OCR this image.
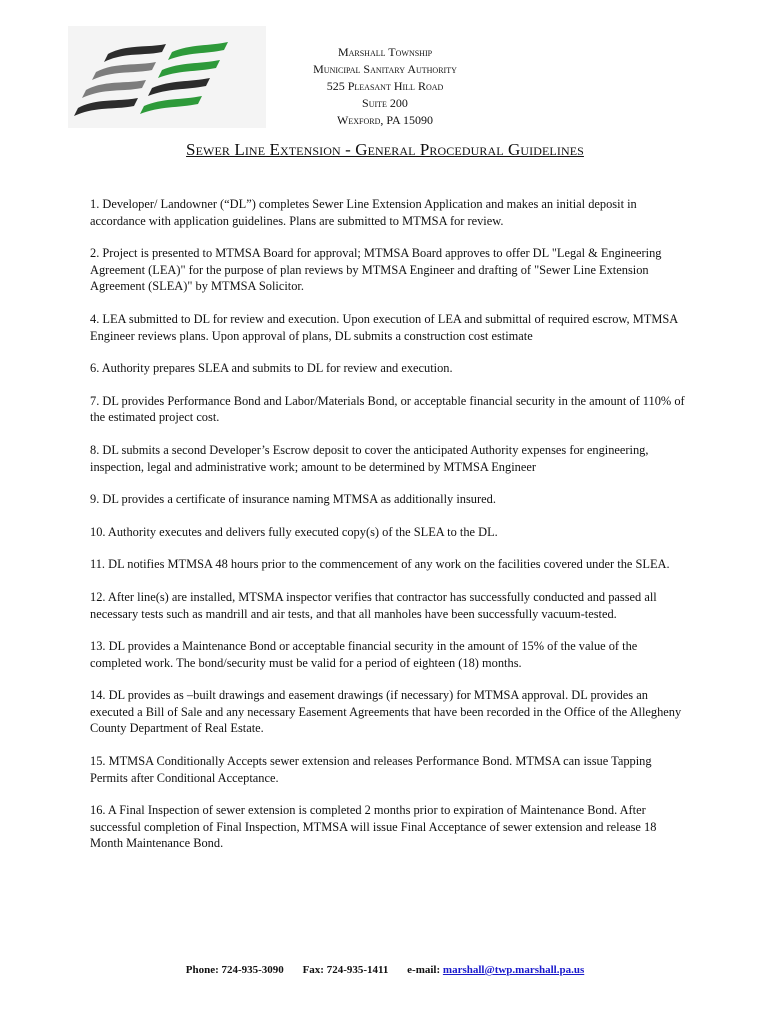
Marshall Township
Municipal Sanitary Authority
525 Pleasant Hill Road
Suite 200
Wexford, PA 15090
Sewer Line Extension - General Procedural Guidelines

1. Developer/ Landowner (“DL”) completes Sewer Line Extension Application and makes an initial deposit in accordance with application guidelines. Plans are submitted to MTMSA for review.

2. Project is presented to MTMSA Board for approval; MTMSA Board approves to offer DL "Legal & Engineering Agreement (LEA)" for the purpose of plan reviews by MTMSA Engineer and drafting of "Sewer Line Extension Agreement (SLEA)" by MTMSA Solicitor.

4. LEA submitted to DL for review and execution. Upon execution of LEA and submittal of required escrow, MTMSA Engineer reviews plans. Upon approval of plans, DL submits a construction cost estimate

6. Authority prepares SLEA and submits to DL for review and execution.

7. DL provides Performance Bond and Labor/Materials Bond, or acceptable financial security in the amount of 110% of the estimated project cost.

8. DL submits a second Developer’s Escrow deposit to cover the anticipated Authority expenses for engineering, inspection, legal and administrative work; amount to be determined by MTMSA Engineer

9. DL provides a certificate of insurance naming MTMSA as additionally insured.

10. Authority executes and delivers fully executed copy(s) of the SLEA to the DL.

11. DL notifies MTMSA 48 hours prior to the commencement of any work on the facilities covered under the SLEA.

12. After line(s) are installed, MTSMA inspector verifies that contractor has successfully conducted and passed all necessary tests such as mandrill and air tests, and that all manholes have been successfully vacuum-tested.

13. DL provides a Maintenance Bond or acceptable financial security in the amount of 15% of the value of the completed work. The bond/security must be valid for a period of eighteen (18) months.

14. DL provides as –built drawings and easement drawings (if necessary) for MTMSA approval. DL provides an executed a Bill of Sale and any necessary Easement Agreements that have been recorded in the Office of the Allegheny County Department of Real Estate.

15. MTMSA Conditionally Accepts sewer extension and releases Performance Bond. MTMSA can issue Tapping Permits after Conditional Acceptance.

16. A Final Inspection of sewer extension is completed 2 months prior to expiration of Maintenance Bond. After successful completion of Final Inspection, MTMSA will issue Final Acceptance of sewer extension and release 18 Month Maintenance Bond.

Phone: 724-935-3090 Fax: 724-935-1411 e-mail: marshall@twp.marshall.pa.us
